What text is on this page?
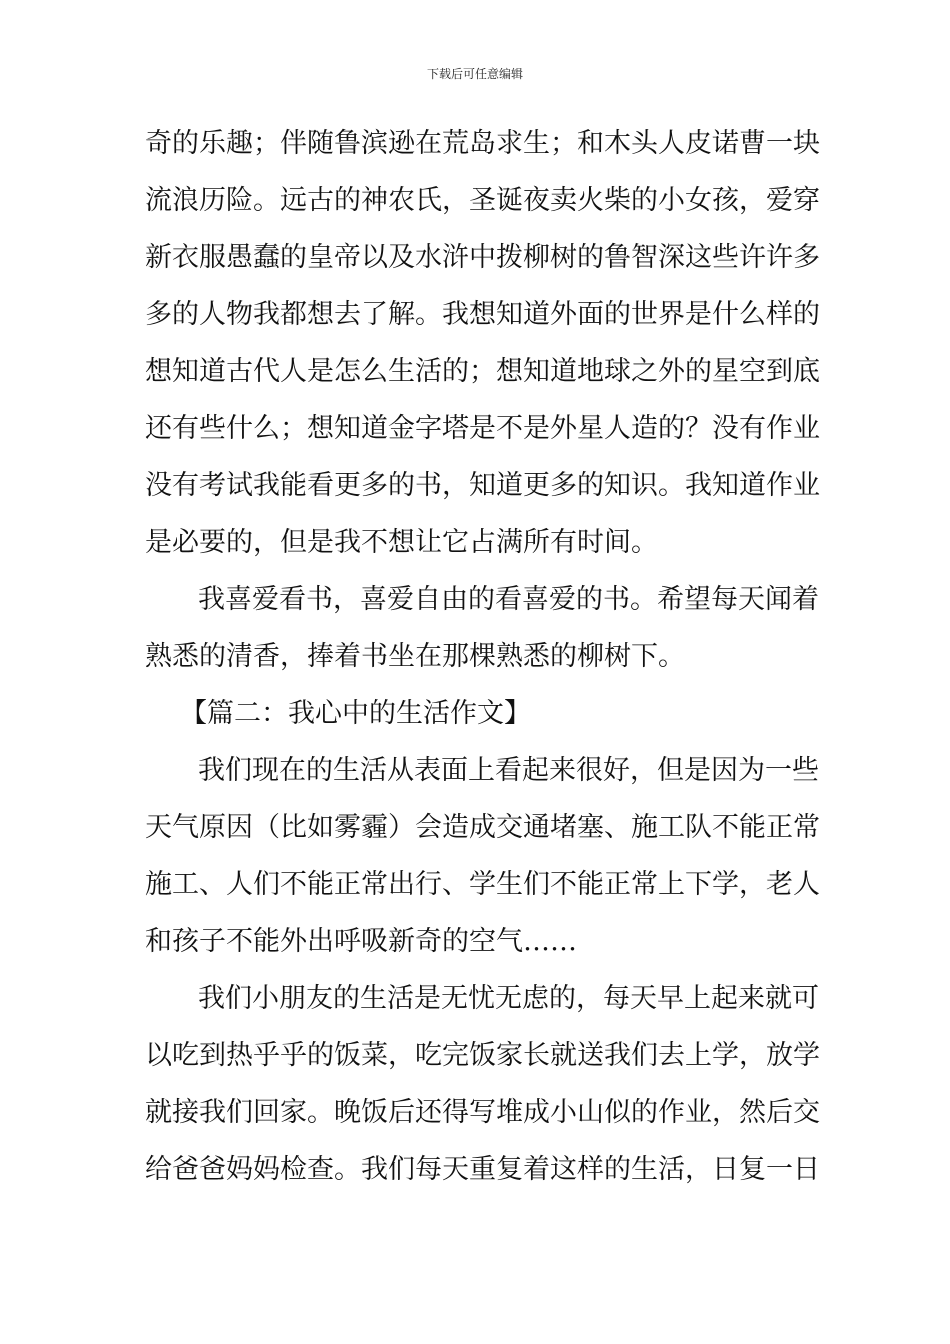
下载后可任意编辑
奇的乐趣；伴随鲁滨逊在荒岛求生；和木头人皮诺曹一块
流浪历险。远古的神农氏，圣诞夜卖火柴的小女孩，爱穿
新衣服愚蠢的皇帝以及水浒中拨柳树的鲁智深这些许许多
多的人物我都想去了解。我想知道外面的世界是什么样的
想知道古代人是怎么生活的；想知道地球之外的星空到底
还有些什么；想知道金字塔是不是外星人造的？没有作业
没有考试我能看更多的书，知道更多的知识。我知道作业
是必要的，但是我不想让它占满所有时间。
我喜爱看书，喜爱自由的看喜爱的书。希望每天闻着
熟悉的清香，捧着书坐在那棵熟悉的柳树下。
【篇二：我心中的生活作文】
我们现在的生活从表面上看起来很好，但是因为一些
天气原因（比如雾霾）会造成交通堵塞、施工队不能正常
施工、人们不能正常出行、学生们不能正常上下学，老人
和孩子不能外出呼吸新奇的空气……
我们小朋友的生活是无忧无虑的，每天早上起来就可
以吃到热乎乎的饭菜，吃完饭家长就送我们去上学，放学
就接我们回家。晚饭后还得写堆成小山似的作业，然后交
给爸爸妈妈检查。我们每天重复着这样的生活，日复一日
